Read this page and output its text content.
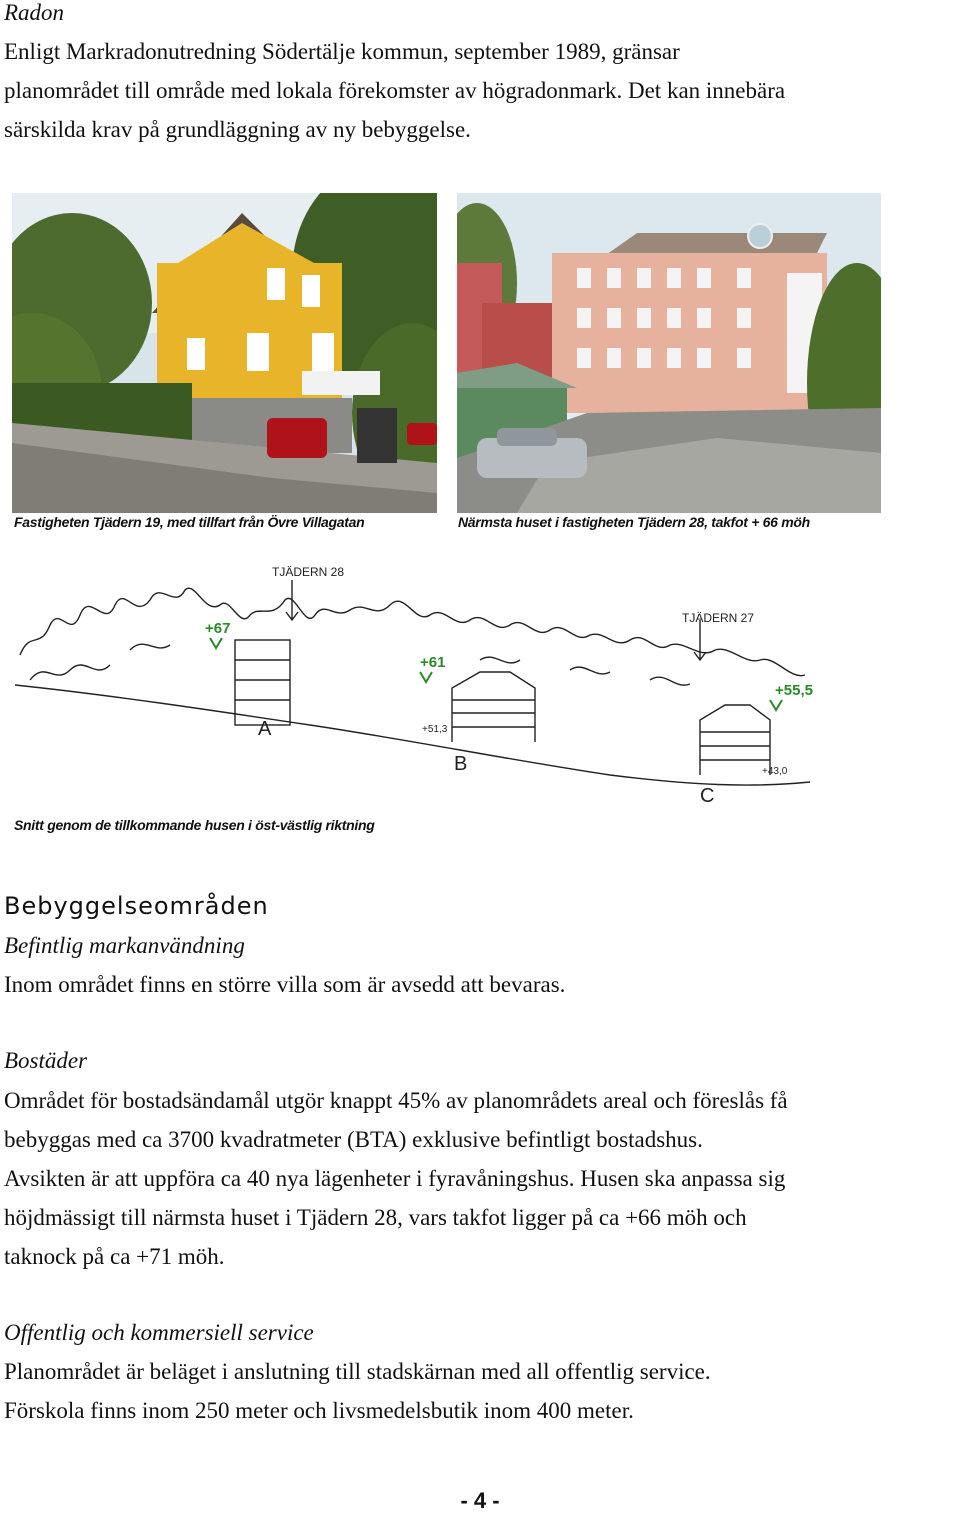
Radon

Enligt Markradonutredning Södertälje kommun, september 1989, gränsar

planområdet till område med lokala förekomster av högradonmark. Det kan innebära

särskilda krav på grundläggning av ny bebyggelse.

Fastigheten Tjädern 19, med tillfart från Övre Villagatan	Närmsta huset i fastigheten Tjädern 28, takfot + 66 möh
TJÄDERN 28
TJÄDERN 27
+51,3
+43,0
+67
+61
+55,5
A
B
C
Snitt genom de tillkommande husen i öst-västlig riktning

Bebyggelseområden

Befintlig markanvändning

Inom området finns en större villa som är avsedd att bevaras.

Bostäder

Området för bostadsändamål utgör knappt 45% av planområdets areal och föreslås få

bebyggas med ca 3700 kvadratmeter (BTA) exklusive befintligt bostadshus.

Avsikten är att uppföra ca 40 nya lägenheter i fyravåningshus. Husen ska anpassa sig

höjdmässigt till närmsta huset i Tjädern 28, vars takfot ligger på ca +66 möh och

taknock på ca +71 möh.

Offentlig och kommersiell service

Planområdet är beläget i anslutning till stadskärnan med all offentlig service.

Förskola finns inom 250 meter och livsmedelsbutik inom 400 meter.

- 4 -
